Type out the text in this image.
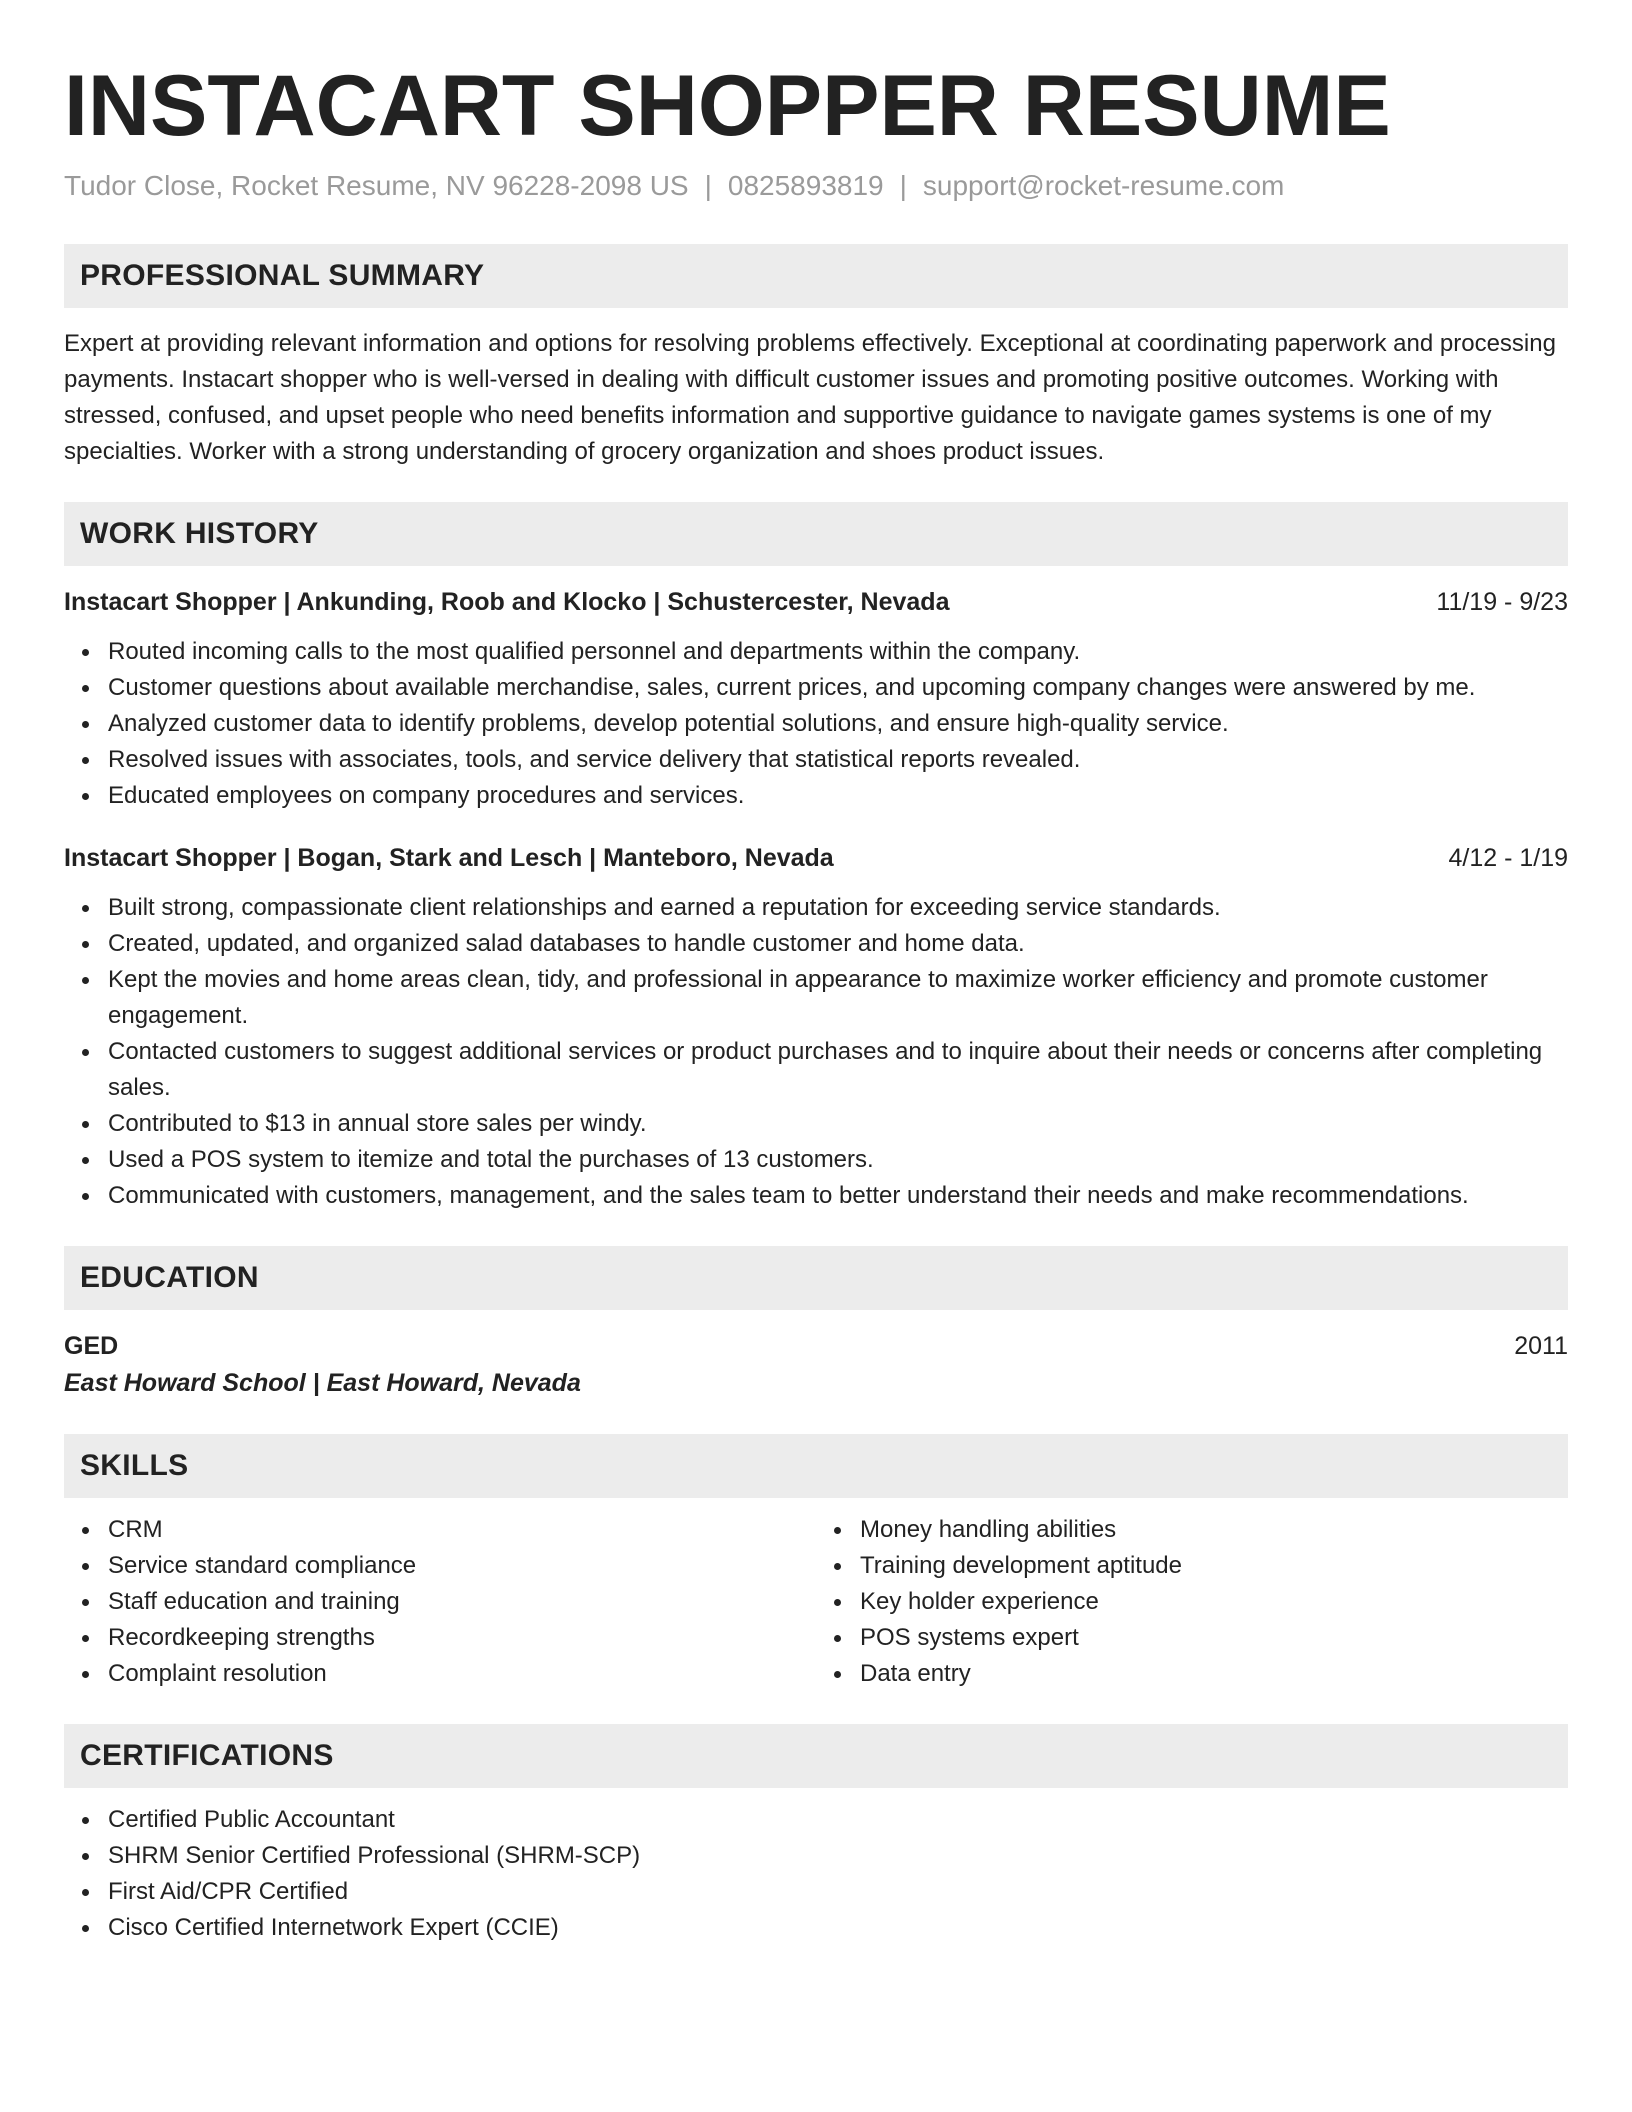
INSTACART SHOPPER RESUME
Tudor Close, Rocket Resume, NV 96228-2098 US | 0825893819 | support@rocket-resume.com
PROFESSIONAL SUMMARY
Expert at providing relevant information and options for resolving problems effectively. Exceptional at coordinating paperwork and processing payments. Instacart shopper who is well-versed in dealing with difficult customer issues and promoting positive outcomes. Working with stressed, confused, and upset people who need benefits information and supportive guidance to navigate games systems is one of my specialties. Worker with a strong understanding of grocery organization and shoes product issues.
WORK HISTORY
Instacart Shopper | Ankunding, Roob and Klocko | Schustercester, Nevada	11/19 - 9/23
Routed incoming calls to the most qualified personnel and departments within the company.
Customer questions about available merchandise, sales, current prices, and upcoming company changes were answered by me.
Analyzed customer data to identify problems, develop potential solutions, and ensure high-quality service.
Resolved issues with associates, tools, and service delivery that statistical reports revealed.
Educated employees on company procedures and services.
Instacart Shopper | Bogan, Stark and Lesch | Manteboro, Nevada	4/12 - 1/19
Built strong, compassionate client relationships and earned a reputation for exceeding service standards.
Created, updated, and organized salad databases to handle customer and home data.
Kept the movies and home areas clean, tidy, and professional in appearance to maximize worker efficiency and promote customer engagement.
Contacted customers to suggest additional services or product purchases and to inquire about their needs or concerns after completing sales.
Contributed to $13 in annual store sales per windy.
Used a POS system to itemize and total the purchases of 13 customers.
Communicated with customers, management, and the sales team to better understand their needs and make recommendations.
EDUCATION
GED	2011
East Howard School | East Howard, Nevada
SKILLS
CRM
Service standard compliance
Staff education and training
Recordkeeping strengths
Complaint resolution
Money handling abilities
Training development aptitude
Key holder experience
POS systems expert
Data entry
CERTIFICATIONS
Certified Public Accountant
SHRM Senior Certified Professional (SHRM-SCP)
First Aid/CPR Certified
Cisco Certified Internetwork Expert (CCIE)
